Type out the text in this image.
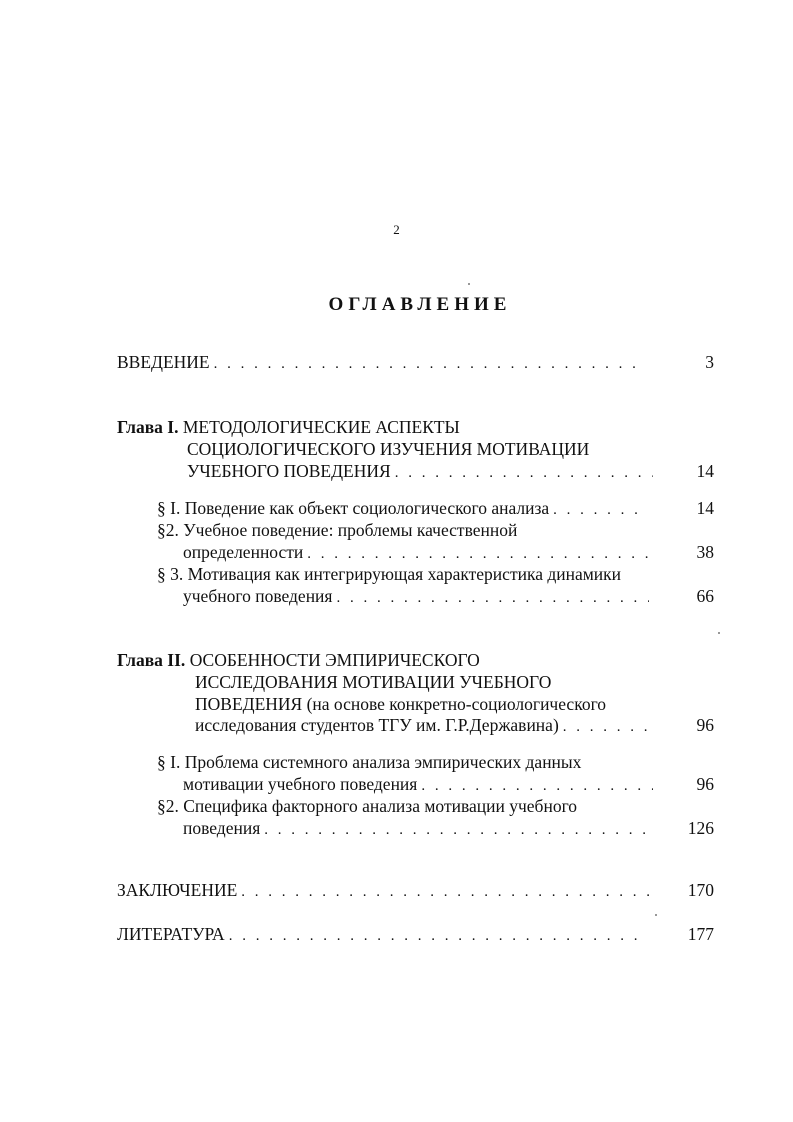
2
ОГЛАВЛЕНИЕ
ВВЕДЕНИЕ . . .	3
Глава I.
МЕТОДОЛОГИЧЕСКИЕ АСПЕКТЫ
СОЦИОЛОГИЧЕСКОГО ИЗУЧЕНИЯ МОТИВАЦИИ
УЧЕБНОГО ПОВЕДЕНИЯ . . .	14
§ I. Поведение как объект социологического анализа . . .	14
§2. Учебное поведение: проблемы качественной
определенности . . .	38
§ 3. Мотивация как интегрирующая характеристика динамики
учебного поведения . . .	66
Глава II.
ОСОБЕННОСТИ ЭМПИРИЧЕСКОГО
ИССЛЕДОВАНИЯ МОТИВАЦИИ УЧЕБНОГО
ПОВЕДЕНИЯ
(на основе конкретно-социологического
исследования студентов ТГУ им. Г.Р.Державина) . . .	96
§ I. Проблема системного анализа эмпирических данных
мотивации учебного поведения . . .	96
§2. Специфика факторного анализа мотивации учебного
поведения . . .	126
ЗАКЛЮЧЕНИЕ . . .	170
ЛИТЕРАТУРА . . .	177
